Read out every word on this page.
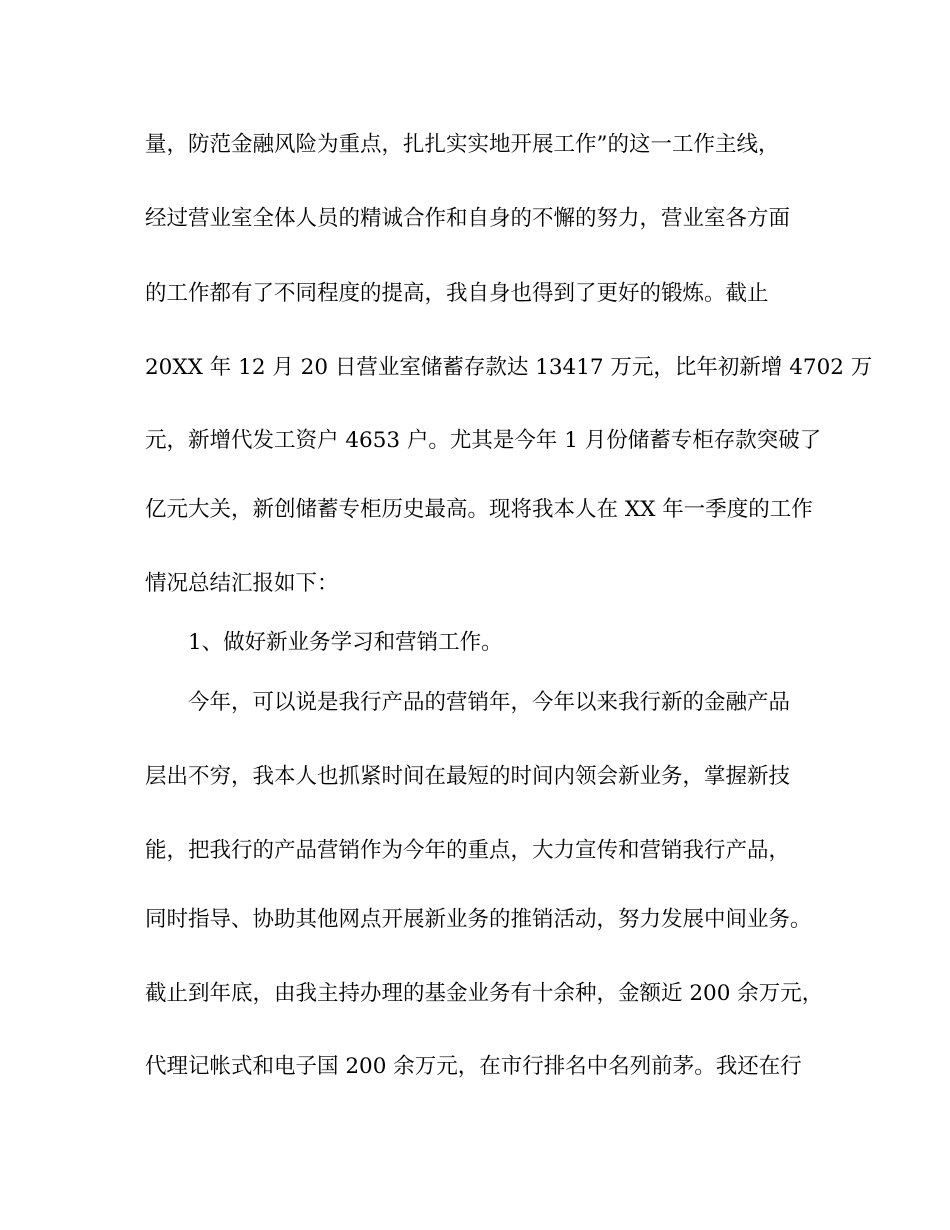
量，防范金融风险为重点，扎扎实实地开展工作”的这一工作主线，
经过营业室全体人员的精诚合作和自身的不懈的努力，营业室各方面
的工作都有了不同程度的提高，我自身也得到了更好的锻炼。截止
20XX 年 12 月 20 日营业室储蓄存款达 13417 万元，比年初新增 4702 万
元，新增代发工资户 4653 户。尤其是今年 1 月份储蓄专柜存款突破了
亿元大关，新创储蓄专柜历史最高。现将我本人在 XX 年一季度的工作
情况总结汇报如下：
1、做好新业务学习和营销工作。
今年，可以说是我行产品的营销年，今年以来我行新的金融产品
层出不穷，我本人也抓紧时间在最短的时间内领会新业务，掌握新技
能，把我行的产品营销作为今年的重点，大力宣传和营销我行产品，
同时指导、协助其他网点开展新业务的推销活动，努力发展中间业务。
截止到年底，由我主持办理的基金业务有十余种，金额近 200 余万元，
代理记帐式和电子国 200 余万元，在市行排名中名列前茅。我还在行
